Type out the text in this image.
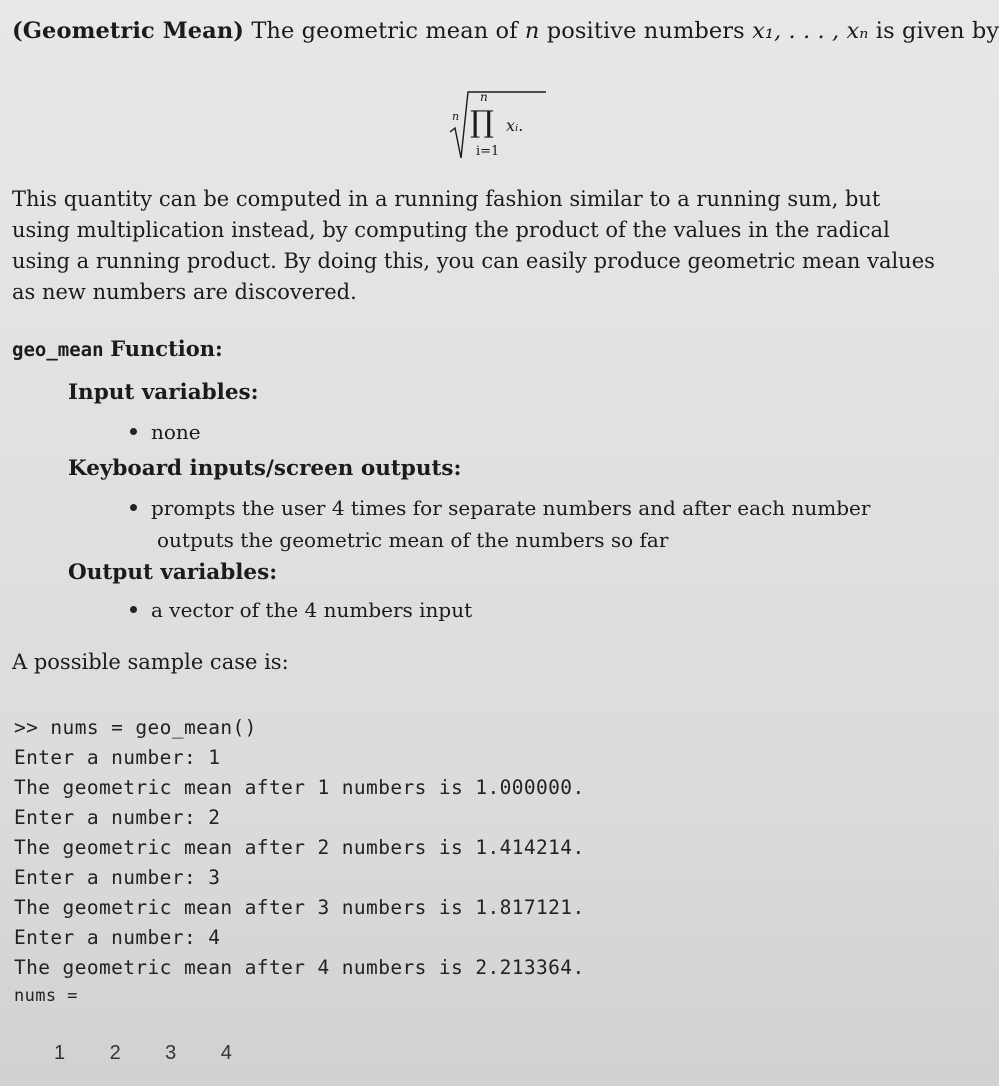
(Geometric Mean) The geometric mean of n positive numbers x₁, . . . , xₙ is given by
n
n
∏
i=1
xᵢ.

This quantity can be computed in a running fashion similar to a running sum, but

using multiplication instead, by computing the product of the values in the radical

using a running product. By doing this, you can easily produce geometric mean values

as new numbers are discovered.

geo_mean Function:
Input variables:
none
Keyboard inputs/screen outputs:
prompts the user 4 times for separate numbers and after each number
outputs the geometric mean of the numbers so far
Output variables:
a vector of the 4 numbers input
A possible sample case is:
>> nums = geo_mean()
Enter a number: 1
The geometric mean after 1 numbers is 1.000000.
Enter a number: 2
The geometric mean after 2 numbers is 1.414214.
Enter a number: 3
The geometric mean after 3 numbers is 1.817121.
Enter a number: 4
The geometric mean after 4 numbers is 2.213364.
nums =
1 2 3 4
